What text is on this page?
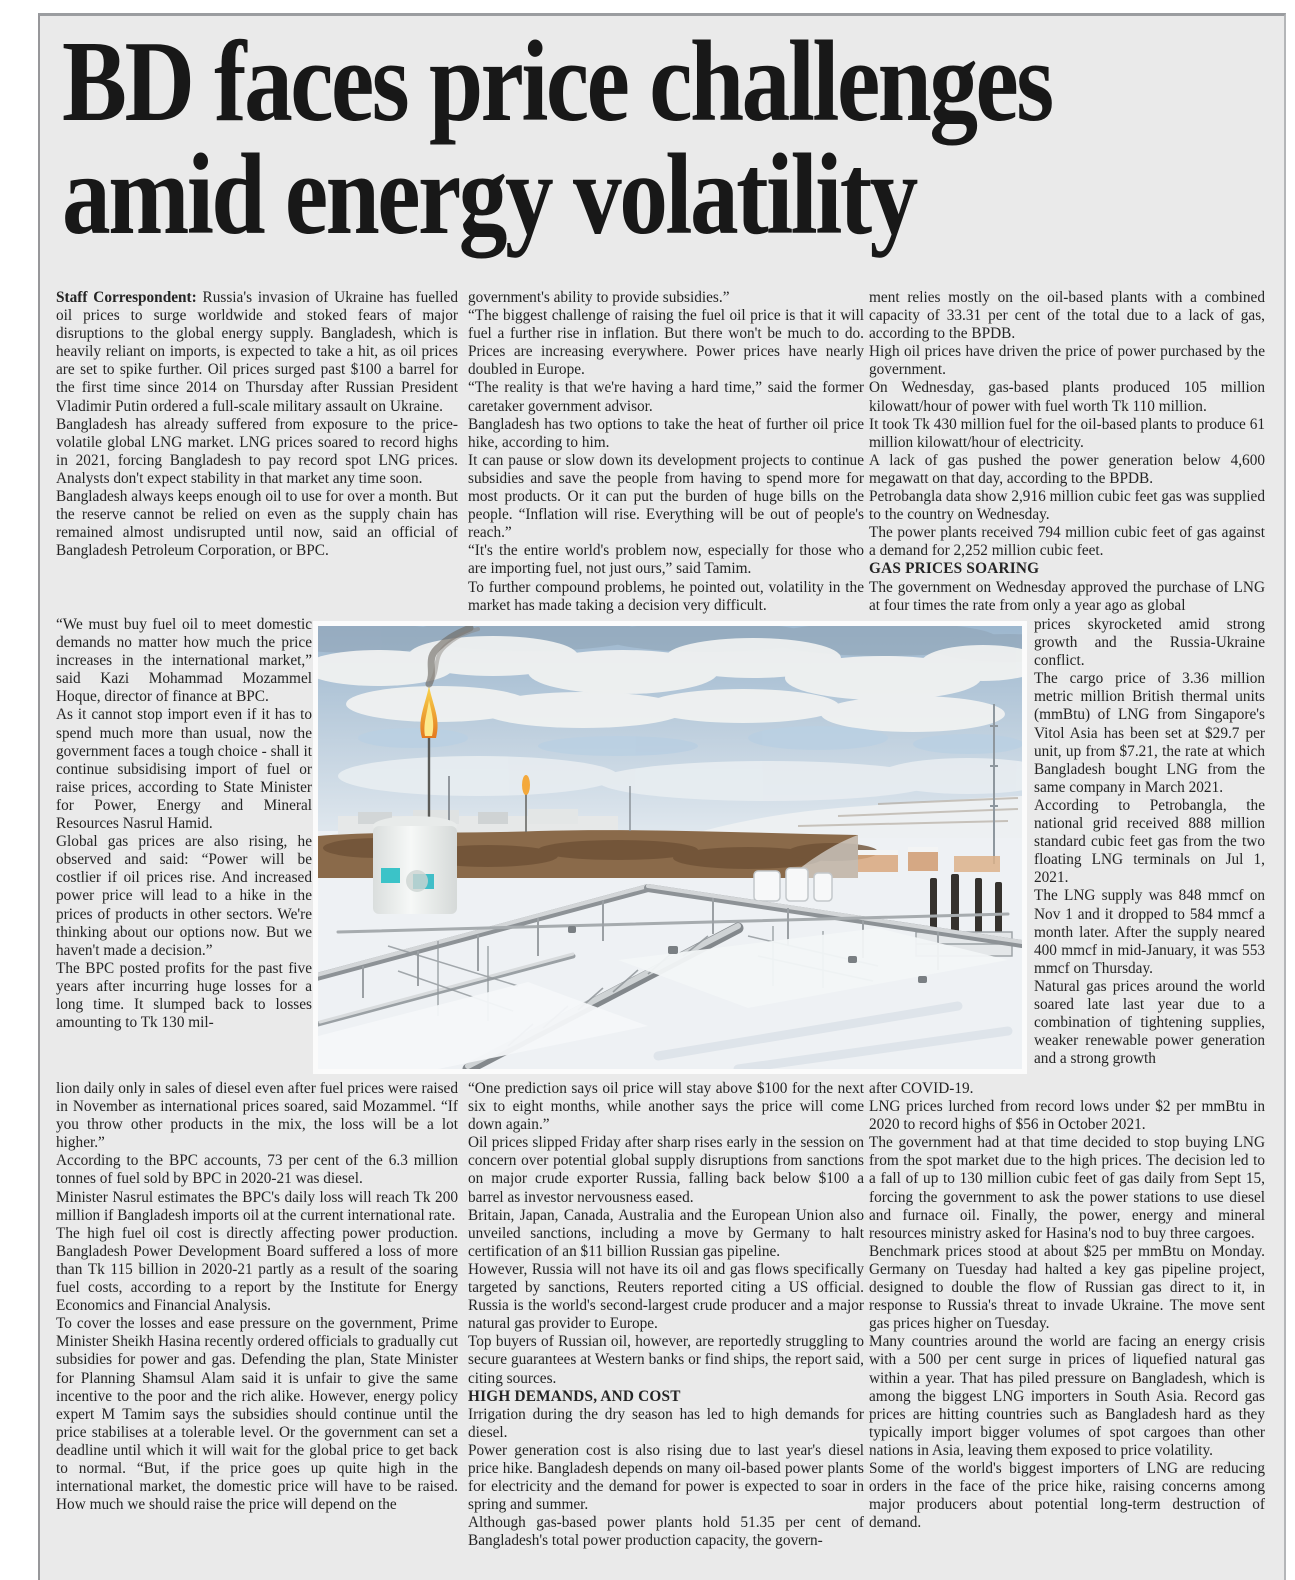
BD faces price challenges
amid energy volatility

Staff Correspondent: Russia's invasion of Ukraine has fuelled oil prices to surge worldwide and stoked fears of major disruptions to the global energy supply. Bangladesh, which is heavily reliant on imports, is expected to take a hit, as oil prices are set to spike further. Oil prices surged past $100 a barrel for the first time since 2014 on Thursday after Russian President Vladimir Putin ordered a full-scale military assault on Ukraine.

Bangladesh has already suffered from exposure to the price-volatile global LNG market. LNG prices soared to record highs in 2021, forcing Bangladesh to pay record spot LNG prices. Analysts don't expect stability in that market any time soon.

Bangladesh always keeps enough oil to use for over a month. But the reserve cannot be relied on even as the supply chain has remained almost undisrupted until now, said an official of Bangladesh Petroleum Corporation, or BPC.

“We must buy fuel oil to meet domestic demands no matter how much the price increases in the international market,” said Kazi Mohammad Mozammel Hoque, director of finance at BPC.

As it cannot stop import even if it has to spend much more than usual, now the government faces a tough choice - shall it continue subsidising import of fuel or raise prices, according to State Minister for Power, Energy and Mineral Resources Nasrul Hamid.

Global gas prices are also rising, he observed and said: “Power will be costlier if oil prices rise. And increased power price will lead to a hike in the prices of products in other sectors. We're thinking about our options now. But we haven't made a decision.”

The BPC posted profits for the past five years after incurring huge losses for a long time. It slumped back to losses amounting to Tk 130 mil-

lion daily only in sales of diesel even after fuel prices were raised in November as international prices soared, said Mozammel. “If you throw other products in the mix, the loss will be a lot higher.”

According to the BPC accounts, 73 per cent of the 6.3 million tonnes of fuel sold by BPC in 2020-21 was diesel.

Minister Nasrul estimates the BPC's daily loss will reach Tk 200 million if Bangladesh imports oil at the current international rate.

The high fuel oil cost is directly affecting power production. Bangladesh Power Development Board suffered a loss of more than Tk 115 billion in 2020-21 partly as a result of the soaring fuel costs, according to a report by the Institute for Energy Economics and Financial Analysis.

To cover the losses and ease pressure on the government, Prime Minister Sheikh Hasina recently ordered officials to gradually cut subsidies for power and gas. Defending the plan, State Minister for Planning Shamsul Alam said it is unfair to give the same incentive to the poor and the rich alike. However, energy policy expert M Tamim says the subsidies should continue until the price stabilises at a tolerable level. Or the government can set a deadline until which it will wait for the global price to get back to normal. “But, if the price goes up quite high in the international market, the domestic price will have to be raised. How much we should raise the price will depend on the

government's ability to provide subsidies.”

“The biggest challenge of raising the fuel oil price is that it will fuel a further rise in inflation. But there won't be much to do. Prices are increasing everywhere. Power prices have nearly doubled in Europe.

“The reality is that we're having a hard time,” said the former caretaker government advisor.

Bangladesh has two options to take the heat of further oil price hike, according to him.

It can pause or slow down its development projects to continue subsidies and save the people from having to spend more for most products. Or it can put the burden of huge bills on the people. “Inflation will rise. Everything will be out of people's reach.”

“It's the entire world's problem now, especially for those who are importing fuel, not just ours,” said Tamim.

To further compound problems, he pointed out, volatility in the market has made taking a decision very difficult.

“One prediction says oil price will stay above $100 for the next six to eight months, while another says the price will come down again.”

Oil prices slipped Friday after sharp rises early in the session on concern over potential global supply disruptions from sanctions on major crude exporter Russia, falling back below $100 a barrel as investor nervousness eased.

Britain, Japan, Canada, Australia and the European Union also unveiled sanctions, including a move by Germany to halt certification of an $11 billion Russian gas pipeline.

However, Russia will not have its oil and gas flows specifically targeted by sanctions, Reuters reported citing a US official. Russia is the world's second-largest crude producer and a major natural gas provider to Europe.

Top buyers of Russian oil, however, are reportedly struggling to secure guarantees at Western banks or find ships, the report said, citing sources.

HIGH DEMANDS, AND COST

Irrigation during the dry season has led to high demands for diesel.

Power generation cost is also rising due to last year's diesel price hike. Bangladesh depends on many oil-based power plants for electricity and the demand for power is expected to soar in spring and summer.

Although gas-based power plants hold 51.35 per cent of Bangladesh's total power production capacity, the govern-

ment relies mostly on the oil-based plants with a combined capacity of 33.31 per cent of the total due to a lack of gas, according to the BPDB.

High oil prices have driven the price of power purchased by the government.

On Wednesday, gas-based plants produced 105 million kilowatt/hour of power with fuel worth Tk 110 million.

It took Tk 430 million fuel for the oil-based plants to produce 61 million kilowatt/hour of electricity.

A lack of gas pushed the power generation below 4,600 megawatt on that day, according to the BPDB.

Petrobangla data show 2,916 million cubic feet gas was supplied to the country on Wednesday.

The power plants received 794 million cubic feet of gas against a demand for 2,252 million cubic feet.

GAS PRICES SOARING

The government on Wednesday approved the purchase of LNG at four times the rate from only a year ago as global

prices skyrocketed amid strong growth and the Russia-Ukraine conflict.

The cargo price of 3.36 million metric million British thermal units (mmBtu) of LNG from Singapore's Vitol Asia has been set at $29.7 per unit, up from $7.21, the rate at which Bangladesh bought LNG from the same company in March 2021.

According to Petrobangla, the national grid received 888 million standard cubic feet gas from the two floating LNG terminals on Jul 1, 2021.

The LNG supply was 848 mmcf on Nov 1 and it dropped to 584 mmcf a month later. After the supply neared 400 mmcf in mid-January, it was 553 mmcf on Thursday.

Natural gas prices around the world soared late last year due to a combination of tightening supplies, weaker renewable power generation and a strong growth

after COVID-19.

LNG prices lurched from record lows under $2 per mmBtu in 2020 to record highs of $56 in October 2021.

The government had at that time decided to stop buying LNG from the spot market due to the high prices. The decision led to a fall of up to 130 million cubic feet of gas daily from Sept 15, forcing the government to ask the power stations to use diesel and furnace oil. Finally, the power, energy and mineral resources ministry asked for Hasina's nod to buy three cargoes.

Benchmark prices stood at about $25 per mmBtu on Monday. Germany on Tuesday had halted a key gas pipeline project, designed to double the flow of Russian gas direct to it, in response to Russia's threat to invade Ukraine. The move sent gas prices higher on Tuesday.

Many countries around the world are facing an energy crisis with a 500 per cent surge in prices of liquefied natural gas within a year. That has piled pressure on Bangladesh, which is among the biggest LNG importers in South Asia. Record gas prices are hitting countries such as Bangladesh hard as they typically import bigger volumes of spot cargoes than other nations in Asia, leaving them exposed to price volatility.

Some of the world's biggest importers of LNG are reducing orders in the face of the price hike, raising concerns among major producers about potential long-term destruction of demand.
